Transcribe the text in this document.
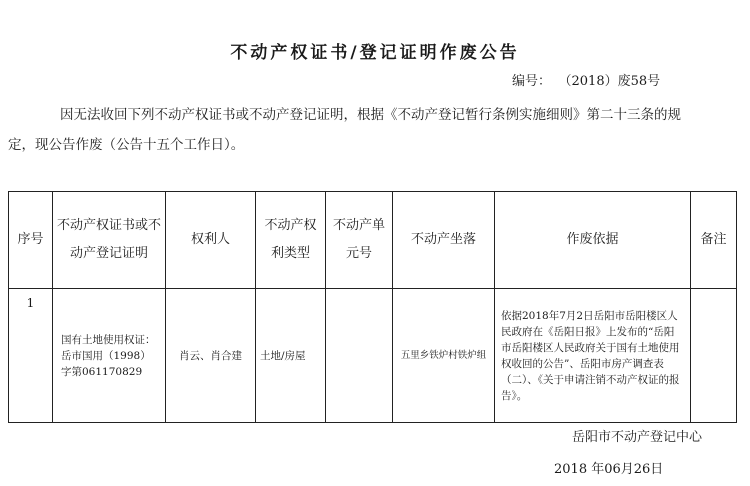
不动产权证书/登记证明作废公告
编号： （2018）废58号
因无法收回下列不动产权证书或不动产登记证明，根据《不动产登记暂行条例实施细则》第二十三条的规
定，现公告作废（公告十五个工作日）。
序号	不动产权证书或不动产登记证明	权利人	不动产权利类型	不动产单元号	不动产坐落	作废依据	备注
1	国有土地使用权证：岳市国用（1998）字第061170829	肖云、肖合建	土地/房屋		五里乡铁炉村铁炉组	依据2018年7月2日岳阳市岳阳楼区人民政府在《岳阳日报》上发布的“岳阳市岳阳楼区人民政府关于国有土地使用权收回的公告”、岳阳市房产调查表（二）、《关于申请注销不动产权证的报告》。	
岳阳市不动产登记中心
2018 年06月26日
